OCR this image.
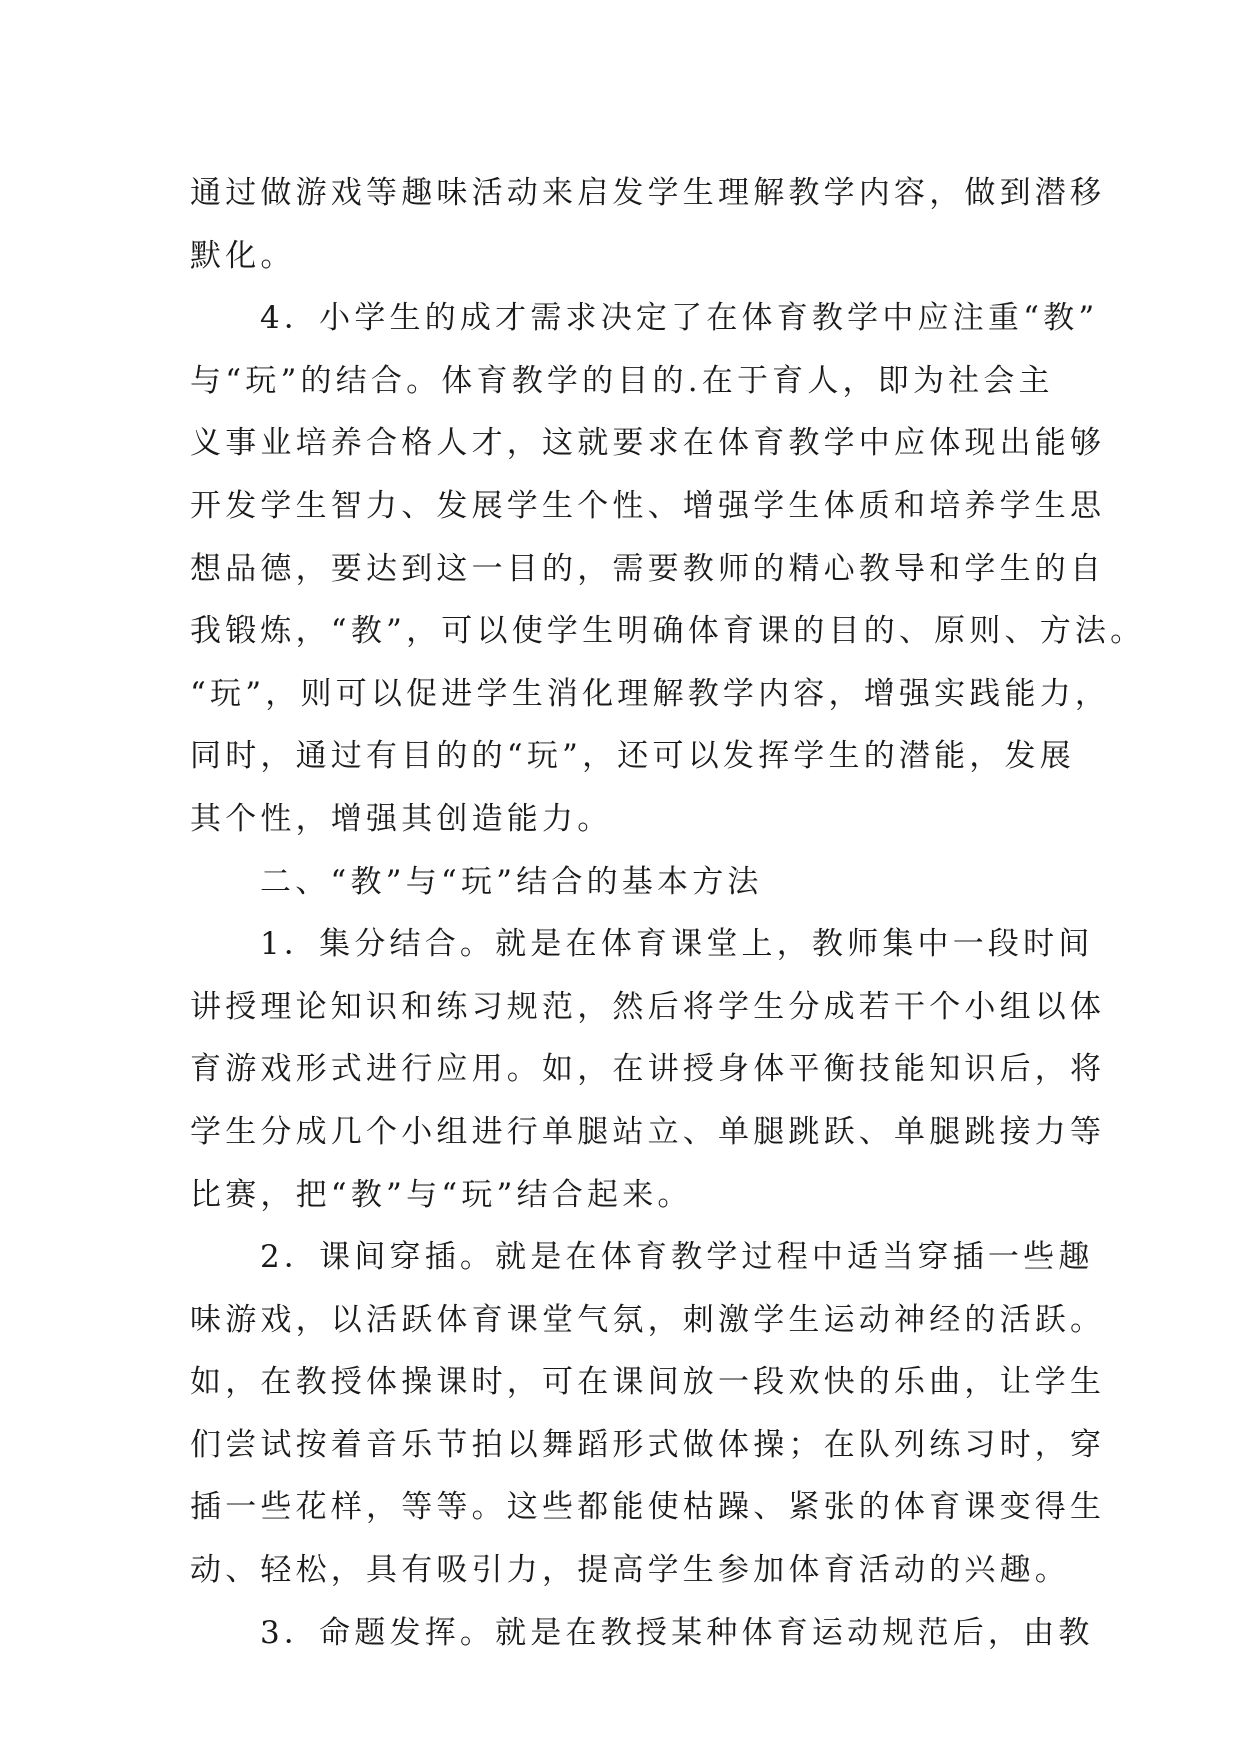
通过做游戏等趣味活动来启发学生理解教学内容，做到潜移
默化。
4．小学生的成才需求决定了在体育教学中应注重“教”
与“玩”的结合。体育教学的目的.在于育人，即为社会主
义事业培养合格人才，这就要求在体育教学中应体现出能够
开发学生智力、发展学生个性、增强学生体质和培养学生思
想品德，要达到这一目的，需要教师的精心教导和学生的自
我锻炼，“教”，可以使学生明确体育课的目的、原则、方法。
“玩”，则可以促进学生消化理解教学内容，增强实践能力，
同时，通过有目的的“玩”，还可以发挥学生的潜能，发展
其个性，增强其创造能力。
二、“教”与“玩”结合的基本方法
1．集分结合。就是在体育课堂上，教师集中一段时间
讲授理论知识和练习规范，然后将学生分成若干个小组以体
育游戏形式进行应用。如，在讲授身体平衡技能知识后，将
学生分成几个小组进行单腿站立、单腿跳跃、单腿跳接力等
比赛，把“教”与“玩”结合起来。
2．课间穿插。就是在体育教学过程中适当穿插一些趣
味游戏，以活跃体育课堂气氛，刺激学生运动神经的活跃。
如，在教授体操课时，可在课间放一段欢快的乐曲，让学生
们尝试按着音乐节拍以舞蹈形式做体操；在队列练习时，穿
插一些花样，等等。这些都能使枯躁、紧张的体育课变得生
动、轻松，具有吸引力，提高学生参加体育活动的兴趣。
3．命题发挥。就是在教授某种体育运动规范后，由教
